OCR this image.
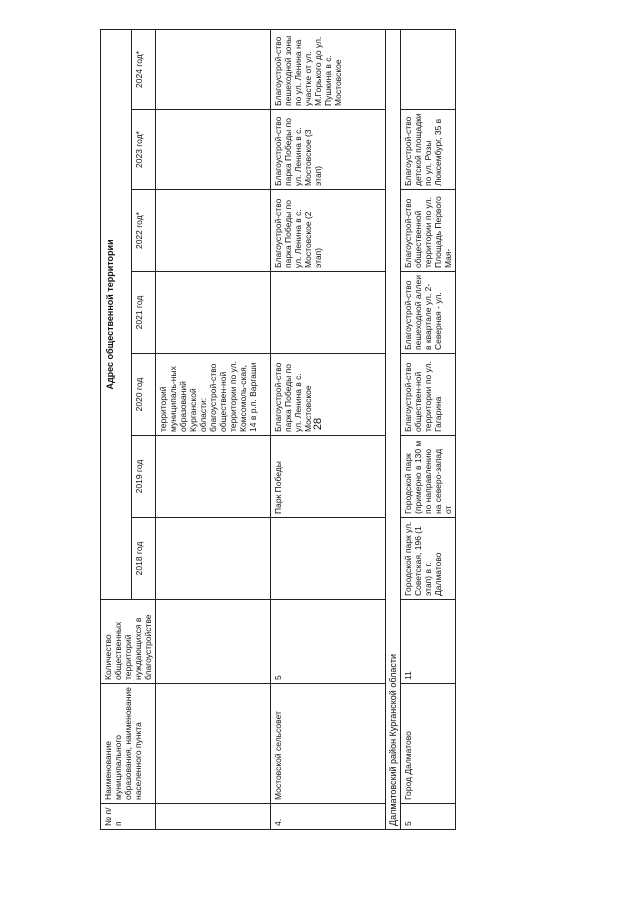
28
№ п/п	Наименование муниципального образования, наименование населенного пункта	Количество общественных территорий нуждающихся в благоустройстве	Адрес общественной территории						
			2018 год	2019 год	2020 год	2021 год	2022 год*	2023 год*	2024 год*
					территорий муниципаль-ных образований Курганской области: благоустрой-ство обществен-ной территории по ул. Комсомоль-ская, 14 в р.п. Варгаши				
4.	Мостовской сельсовет	5		Парк Победы	Благоустрой-ство парка Победы по ул. Ленина в с. Мостовское		Благоустрой-ство парка Победы по ул. Ленина в с. Мостовское (2 этап)	Благоустрой-ство парка Победы по ул. Ленина в с. Мостовское (3 этап)	Благоустрой-ство пешеходной зоны по ул. Ленина на участке от ул. М.Горького до ул. Пушкина в с. Мостовское
Далматовский район Курганской области									
5	Город Далматово	11	Городской парк ул. Советская, 196 (1 этап) в г. Далматово	Городской парк (примерно в 130 м по направлению на северо-запад от	Благоустрой-ство обществен-ной территории по ул. Гагарина	Благоустрой-ство пешеходной аллеи в квартале ул. 2-Северная - ул.	Благоустрой-ство общественной территории по ул. Площадь Первого Мая-	Благоустрой-ство детской площадки по ул. Розы Люксембург, 35 в	
